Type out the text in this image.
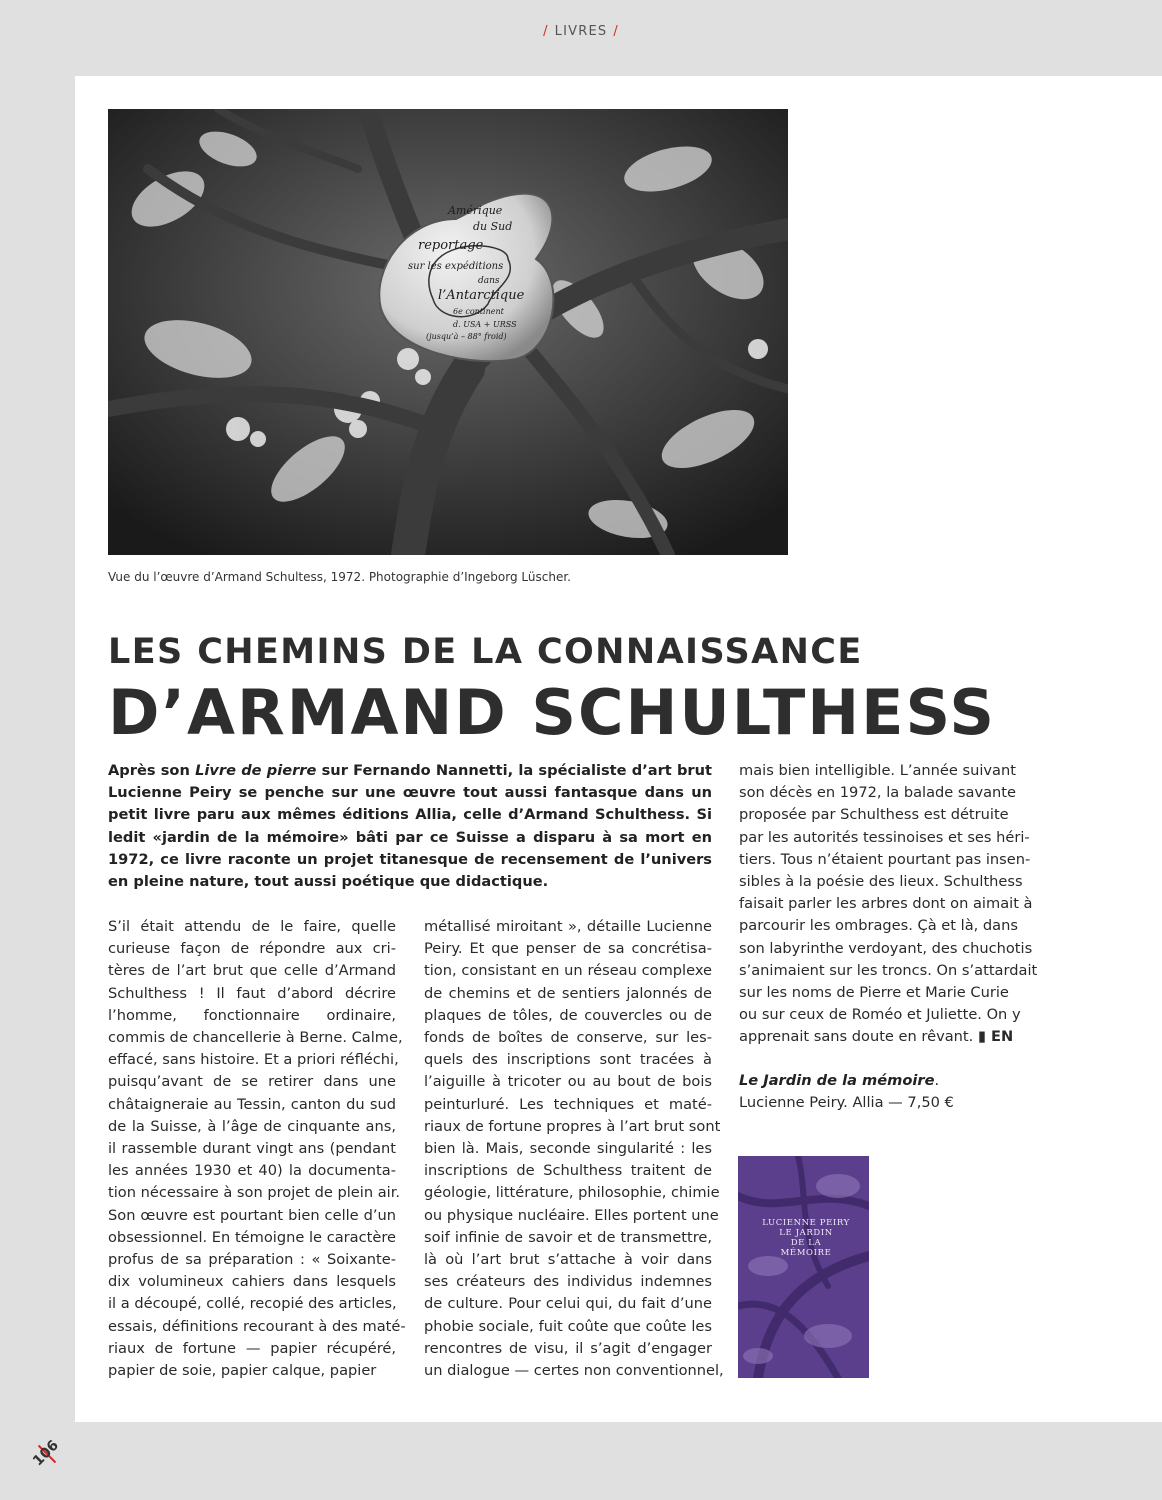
/ LIVRES /
Amérique
du Sud
reportage
sur les expéditions
dans
l’Antarctique
6e continent
d. USA + URSS
(jusqu’à – 88° froid)
Vue du l’œuvre d’Armand Schultess, 1972. Photographie d’Ingeborg Lüscher.
LES CHEMINS DE LA CONNAISSANCE
D’ARMAND SCHULTHESS
Après son Livre de pierre sur Fernando Nannetti, la spécialiste d’art brut Lucienne Peiry se penche sur une œuvre tout aussi fantasque dans un petit livre paru aux mêmes éditions Allia, celle d’Armand Schulthess. Si ledit «jardin de la mémoire» bâti par ce Suisse a disparu à sa mort en 1972, ce livre raconte un projet titanesque de recensement de l’univers en pleine nature, tout aussi poétique que didactique.
S’il était attendu de le faire, quelle
curieuse façon de répondre aux cri-
tères de l’art brut que celle d’Armand
Schulthess ! Il faut d’abord décrire
l’homme, fonctionnaire ordinaire,
commis de chancellerie à Berne. Calme,
effacé, sans histoire. Et a priori réfléchi,
puisqu’avant de se retirer dans une
châtaigneraie au Tessin, canton du sud
de la Suisse, à l’âge de cinquante ans,
il rassemble durant vingt ans (pendant
les années 1930 et 40) la documenta-
tion nécessaire à son projet de plein air.
Son œuvre est pourtant bien celle d’un
obsessionnel. En témoigne le caractère
profus de sa préparation : « Soixante-
dix volumineux cahiers dans lesquels
il a découpé, collé, recopié des articles,
essais, définitions recourant à des maté-
riaux de fortune — papier récupéré,
papier de soie, papier calque, papier
métallisé miroitant », détaille Lucienne
Peiry. Et que penser de sa concrétisa-
tion, consistant en un réseau complexe
de chemins et de sentiers jalonnés de
plaques de tôles, de couvercles ou de
fonds de boîtes de conserve, sur les-
quels des inscriptions sont tracées à
l’aiguille à tricoter ou au bout de bois
peinturluré. Les techniques et maté-
riaux de fortune propres à l’art brut sont
bien là. Mais, seconde singularité : les
inscriptions de Schulthess traitent de
géologie, littérature, philosophie, chimie
ou physique nucléaire. Elles portent une
soif infinie de savoir et de transmettre,
là où l’art brut s’attache à voir dans
ses créateurs des individus indemnes
de culture. Pour celui qui, du fait d’une
phobie sociale, fuit coûte que coûte les
rencontres de visu, il s’agit d’engager
un dialogue — certes non conventionnel,
mais bien intelligible. L’année suivant
son décès en 1972, la balade savante
proposée par Schulthess est détruite
par les autorités tessinoises et ses héri-
tiers. Tous n’étaient pourtant pas insen-
sibles à la poésie des lieux. Schulthess
faisait parler les arbres dont on aimait à
parcourir les ombrages. Çà et là, dans
son labyrinthe verdoyant, des chuchotis
s’animaient sur les troncs. On s’attardait
sur les noms de Pierre et Marie Curie
ou sur ceux de Roméo et Juliette. On y
apprenait sans doute en rêvant. ▮ EN
Le Jardin de la mémoire.
Lucienne Peiry. Allia — 7,50 €
LUCIENNE PEIRY
LE JARDIN
DE LA
MÉMOIRE
106
